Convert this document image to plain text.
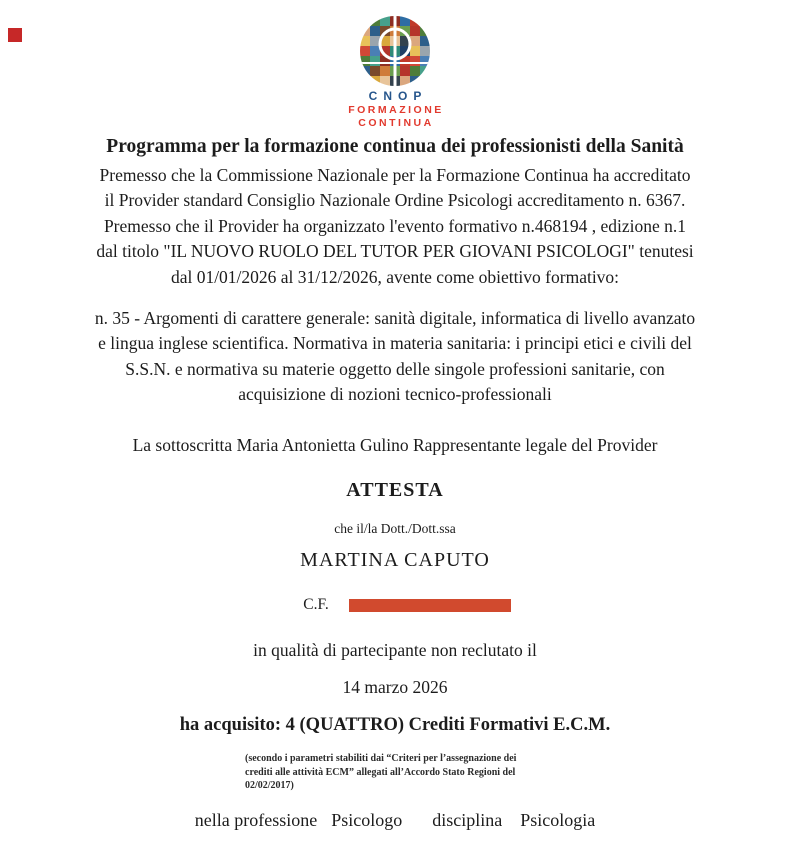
CNOP
FORMAZIONE
CONTINUA
Programma per la formazione continua dei professionisti della Sanità
Premesso che la Commissione Nazionale per la Formazione Continua ha accreditato
il Provider standard Consiglio Nazionale Ordine Psicologi accreditamento n. 6367.
Premesso che il Provider ha organizzato l'evento formativo n.468194 , edizione n.1
dal titolo "IL NUOVO RUOLO DEL TUTOR PER GIOVANI PSICOLOGI" tenutesi
dal 01/01/2026 al 31/12/2026, avente come obiettivo formativo:
n. 35 - Argomenti di carattere generale: sanità digitale, informatica di livello avanzato
e lingua inglese scientifica. Normativa in materia sanitaria: i principi etici e civili del
S.S.N. e normativa su materie oggetto delle singole professioni sanitarie, con
acquisizione di nozioni tecnico-professionali
La sottoscritta Maria Antonietta Gulino Rappresentante legale del Provider
ATTESTA
che il/la Dott./Dott.ssa
MARTINA CAPUTO
C.F.
in qualità di partecipante non reclutato il
14 marzo 2026
ha acquisito: 4 (QUATTRO) Crediti Formativi E.C.M.
(secondo i parametri stabiliti dai “Criteri per l’assegnazione dei
crediti alle attività ECM” allegati all’Accordo Stato Regioni del
02/02/2017)
nella professione Psicologo disciplina Psicologia
